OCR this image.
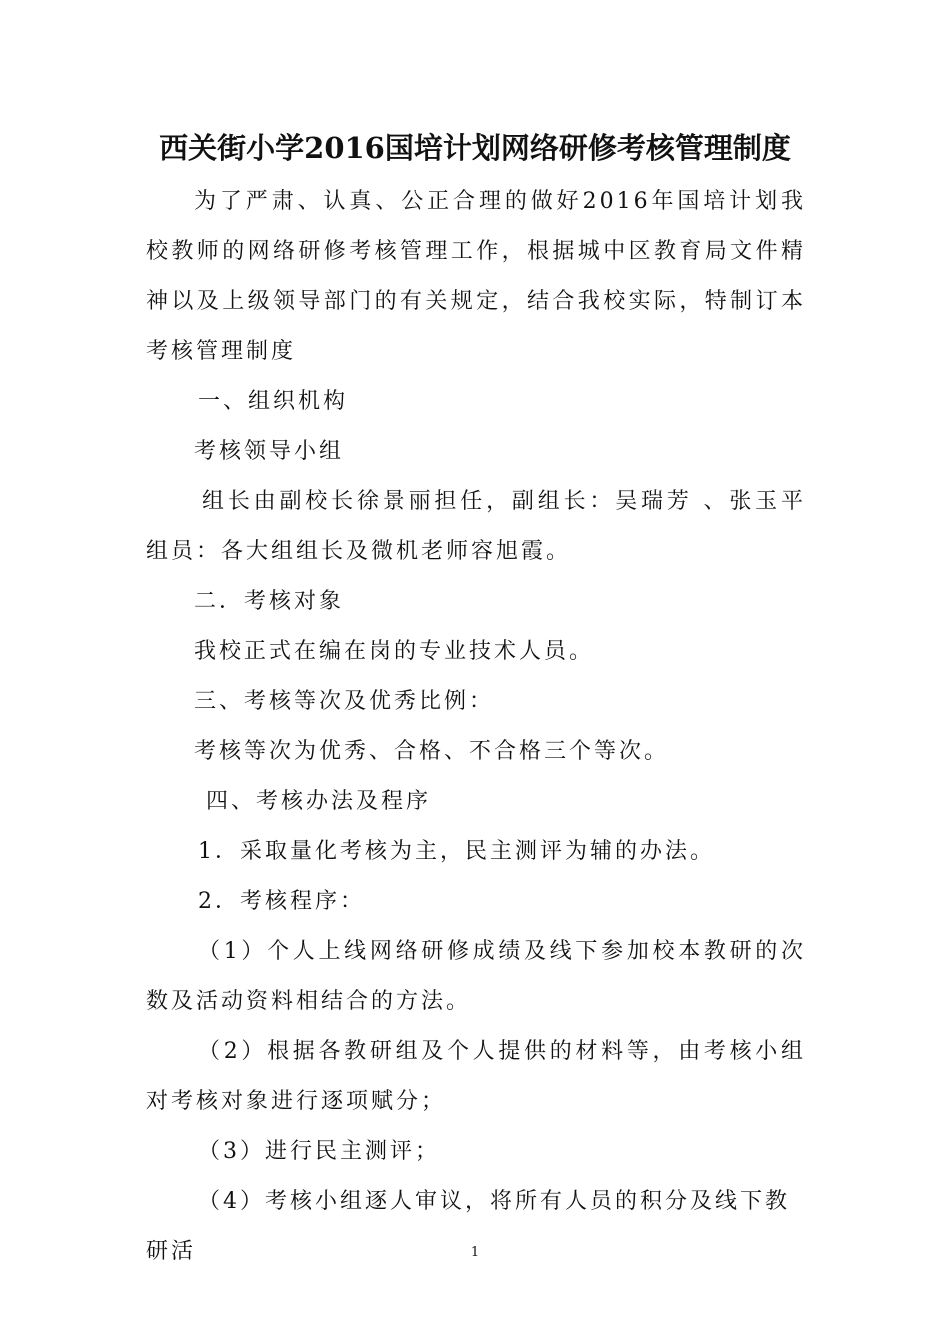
西关街小学2016国培计划网络研修考核管理制度

为了严肃、认真、公正合理的做好2016年国培计划我校教师的网络研修考核管理工作，根据城中区教育局文件精神以及上级领导部门的有关规定，结合我校实际，特制订本考核管理制度

一、组织机构

考核领导小组

组长由副校长徐景丽担任，副组长：吴瑞芳 、张玉平 组员：各大组组长及微机老师容旭霞。

二．考核对象

我校正式在编在岗的专业技术人员。

三、考核等次及优秀比例：

考核等次为优秀、合格、不合格三个等次。

四、考核办法及程序

1．采取量化考核为主，民主测评为辅的办法。

2．考核程序：

（1）个人上线网络研修成绩及线下参加校本教研的次数及活动资料相结合的方法。

（2）根据各教研组及个人提供的材料等，由考核小组对考核对象进行逐项赋分；

（3）进行民主测评；

（4）考核小组逐人审议，将所有人员的积分及线下教研活	1
